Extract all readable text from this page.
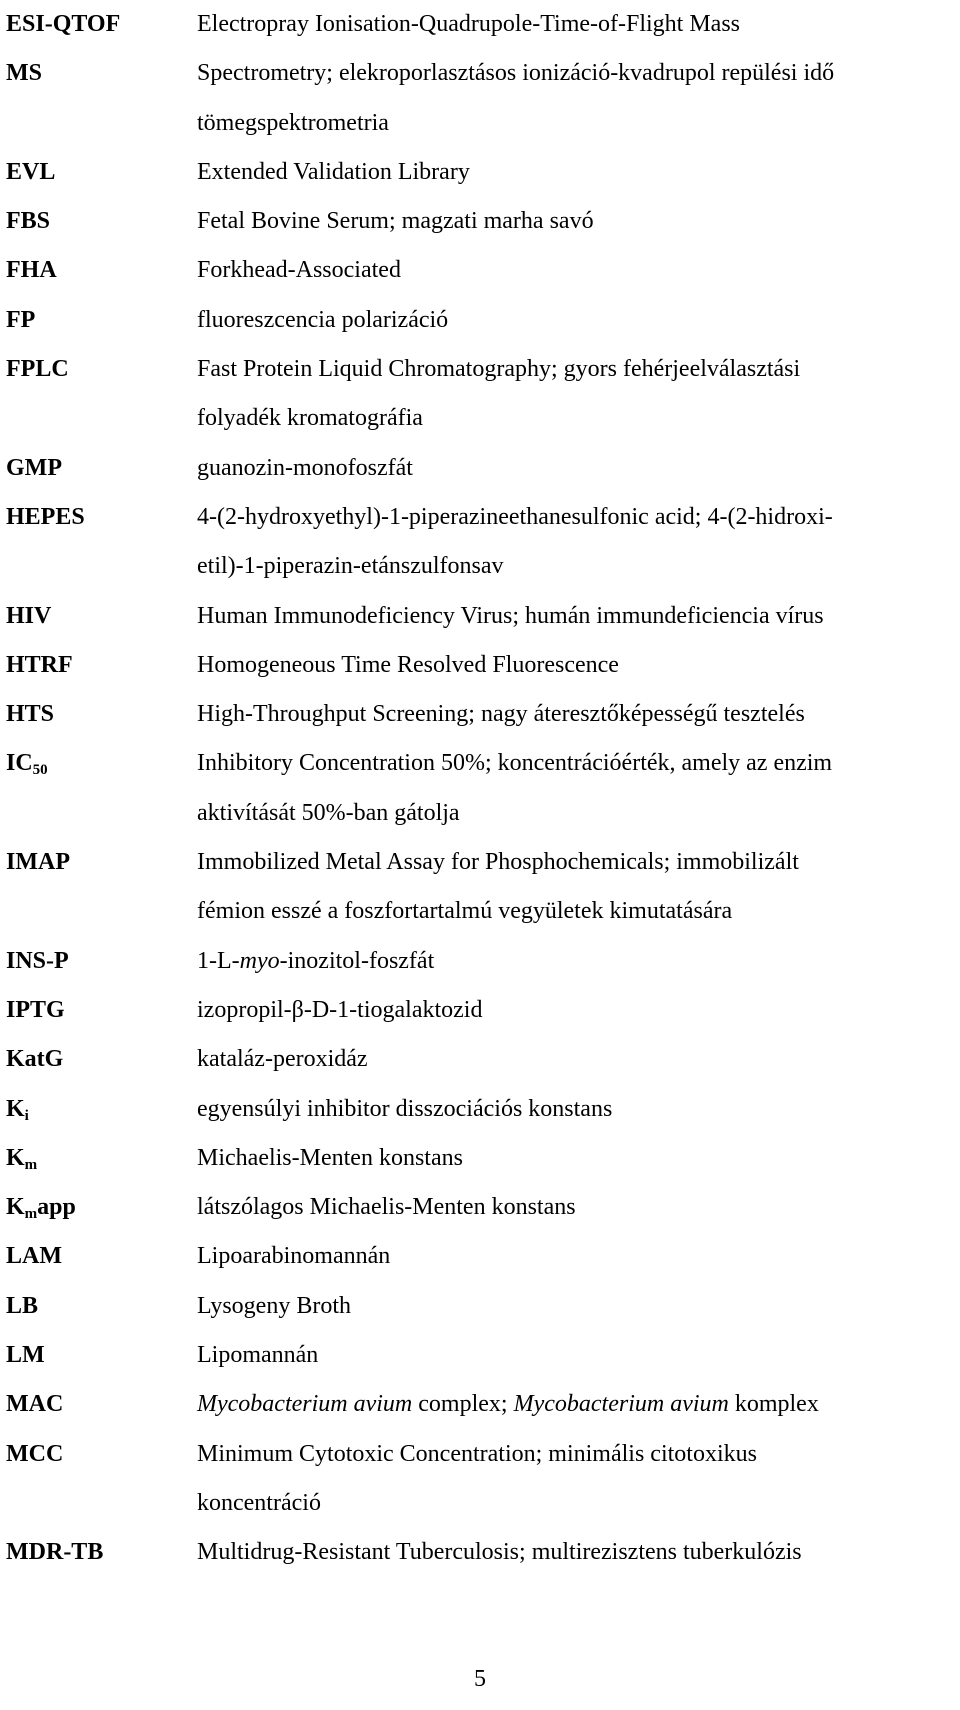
ESI-QTOF	Electropray Ionisation-Quadrupole-Time-of-Flight Mass
MS	Spectrometry; elekroporlasztásos ionizáció-kvadrupol repülési idő
tömegspektrometria
EVL	Extended Validation Library
FBS	Fetal Bovine Serum; magzati marha savó
FHA	Forkhead-Associated
FP	fluoreszcencia polarizáció
FPLC	Fast Protein Liquid Chromatography; gyors fehérjeelválasztási
folyadék kromatográfia
GMP	guanozin-monofoszfát
HEPES	4-(2-hydroxyethyl)-1-piperazineethanesulfonic acid; 4-(2-hidroxi-
etil)-1-piperazin-etánszulfonsav
HIV	Human Immunodeficiency Virus; humán immundeficiencia vírus
HTRF	Homogeneous Time Resolved Fluorescence
HTS	High-Throughput Screening; nagy áteresztőképességű tesztelés
$IC_{50}$	Inhibitory Concentration 50%; koncentrációérték, amely az enzim
aktivítását 50%-ban gátolja
IMAP	Immobilized Metal Assay for Phosphochemicals; immobilizált
fémion esszé a foszfortartalmú vegyületek kimutatására
INS-P	1-L-myo-inozitol-foszfát
IPTG	izopropil-β-D-1-tiogalaktozid
KatG	kataláz-peroxidáz
$K_i$	egyensúlyi inhibitor disszociációs konstans
$K_m$	Michaelis-Menten konstans
$K_mapp$	látszólagos Michaelis-Menten konstans
LAM	Lipoarabinomannán
LB	Lysogeny Broth
LM	Lipomannán
MAC	Mycobacterium avium complex; Mycobacterium avium komplex
MCC	Minimum Cytotoxic Concentration; minimális citotoxikus
koncentráció
MDR-TB	Multidrug-Resistant Tuberculosis; multirezisztens tuberkulózis
5
